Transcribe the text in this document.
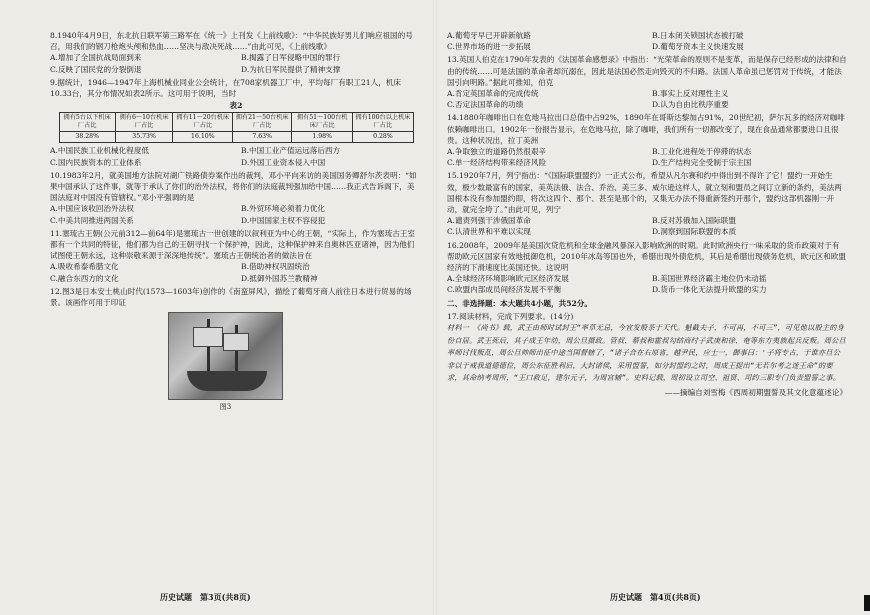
8.1940年4月9日，东北抗日联军第三路军在《统一》上刊发《上前线歌》：“中华民族好男儿们响应祖国的号召，用我们的钢刀枪炮头颅和热血……坚决与敌决死战……”由此可见，《上前线歌》

A.增加了全国抗战局面到来	B.揭露了日军侵略中国的罪行
C.反映了国民党的分裂倒退	D.为抗日军民提供了精神支撑

9.据统计，1946—1947年上海机械业同业公会统计，在708家机器工厂中，平均每厂有职工21人，机床10.33台，其分布情况如表2所示。这可用于说明，当时

表2
拥有5台以下机床厂占比	拥有6～10台机床厂占比	拥有11～20台机床厂占比	拥有21～50台机床厂占比	拥有51～100台机床厂占比	拥有100台以上机床厂占比
38.28%	35.73%	16.10%	7.63%	1.98%	0.28%
A.中国民族工业机械化程度低	B.中国工业产值运远落后西方
C.国内民族资本的工业体系	D.外国工业资本侵入中国

10.1983年2月，就美国地方法院对湖广铁路债券案作出的裁判，邓小平向来访的美国国务卿舒尔茨表明：“如果中国承认了这件事，就等于承认了你们的治外法权，将你们的法庭裁判强加给中国……我正式告诉阁下，美国法庭对中国没有管辖权。”邓小平强调的是

A.中国应该收回治外法权	B.外贸环境必须着力优化
C.中美共同推进两国关系	D.中国国家主权不容侵犯

11.塞琉古王朝(公元前312—前64年)是塞琉古一世创建的以叙利亚为中心的王朝，“实际上，作为塞琉古王室都有一个共同的特征，他们都为自己的王朝寻找一个保护神，因此，这种保护神来自奥林匹亚诸神，因为他们试图使王朝永远，这种崇敬来源于深深地传统”。塞琉古王朝统治者的做法旨在

A.吸收希泰希腊文化	B.借助神权巩固统治
C.融合东西方的文化	D.抵御外国苏兰教精神

12.图3是日本安土桃山时代(1573—1603年)创作的《南蛮屏风》，描绘了葡萄牙商人前往日本进行贸易的场景。该画作可用于印证

图3
历史试题　第3页(共8页)
A.葡萄牙早已开辟新航路	B.日本闭关锁国状态被打破
C.世界市场的进一步拓展	D.葡萄牙资本主义快速发展

13.英国人伯克在1790年发表的《法国革命感想录》中指出：“光荣革命的原则不是变革，而是保存已经形成的法律和自由的传统……可是法国的革命者却沉溺在，因此是法国必然走向毁灭的不归路。法国人革命虽已惩罚对于传统，才能法国引向明路。”据此可推知，伯克

A.肯定英国革命的完成传统	B.事实上反对理性主义
C.否定法国革命的功绩	D.认为自由比秩序重要

14.1880年咖啡出口在危地马拉出口总值中占92%，1890年在哥斯达黎加占91%，20世纪初，萨尔瓦多的经济对咖啡依赖咖啡出口。1902年一份报告显示，在危地马拉，除了咖啡，我们所有一切都改变了，现在食品通常都要进口且很贵。这种状况出，拉丁美洲

A.争取独立的道路仍然很艰辛	B.工业化进程处于停滞的状态
C.单一经济结构带来经济风险	D.生产结构完全受制于宗主国

15.1920年7月，列宁指出：“《国际联盟盟约》一正式公布，希望从凡尔赛和约中得出到不得许了它！盟约一开始生效，极少数最富有的国家，美英法俄、法合、乔治、美三多、威尔逊这样人，就立刻和盟员之间订立新的条约，美法两国根本没有参加盟约即，将次这四个、那个、甚至是那个的，又集无办法不得重新签约开那个，盟约这部机器刚一开动，就完全垮了。”由此可见，列宁

A.谴责列强干涉俄国革命	B.反对苏俄加入国际联盟
C.认清世界和平难以实现	D.洞察到国际联盟的本质

16.2008年，2009年是美国次贷危机和全球金融风暴深入影响欧洲的时期。此时欧洲央行一味采取的货币政策对于有帮助欧元区国家有效地抵御危机，2010年冰岛等国也外，希腊出现外债危机，其后是希腊出现债务危机，欧元区和欧盟经济的下滑速度比美国还快。这说明

A.全球经济环境影响欧元区经济发展	B.美国世界经济霸主地位仍未动摇
C.欧盟内部成员间经济发展不平衡	D.货币一体化无法提升欧盟的实力
二、非选择题：本大题共4小题，共52分。
17.阅读材料，完成下列要求。(14分)

材料一　《尚书》载，武王由师时试封王“率草无忌，今宜发殷茶于天代。魁截夫子，不可再，不可三”，可见他以殷主的身份自居。武王死后，其子成王年幼，周公旦摄政。管叔、蔡叔和霍叔勾结商纣子武庚和徐、奄等东方夷族起兵反叛。周公旦率师讨伐叛乱，周公旦帅师出征中途当国督辖了，“诸子合在右原省，越尹民，应士一，御事曰：'子将专古，于谁亦旦公非以于戒我道德德位，周公东征胜利后，大封诸侯，采用盟誓，如分封盟约之时，周成王提出“无若尔考之迷王命”的要求，其命纳考周所，“王口救足，建尔元子，为周宫辅”。史料记载，周初设立司空、祖贤、司约三职专门负责盟誓之事。

——摘编自刘雪梅《西周初期盟誓及其文化意蕴述论》
历史试题　第4页(共8页)
